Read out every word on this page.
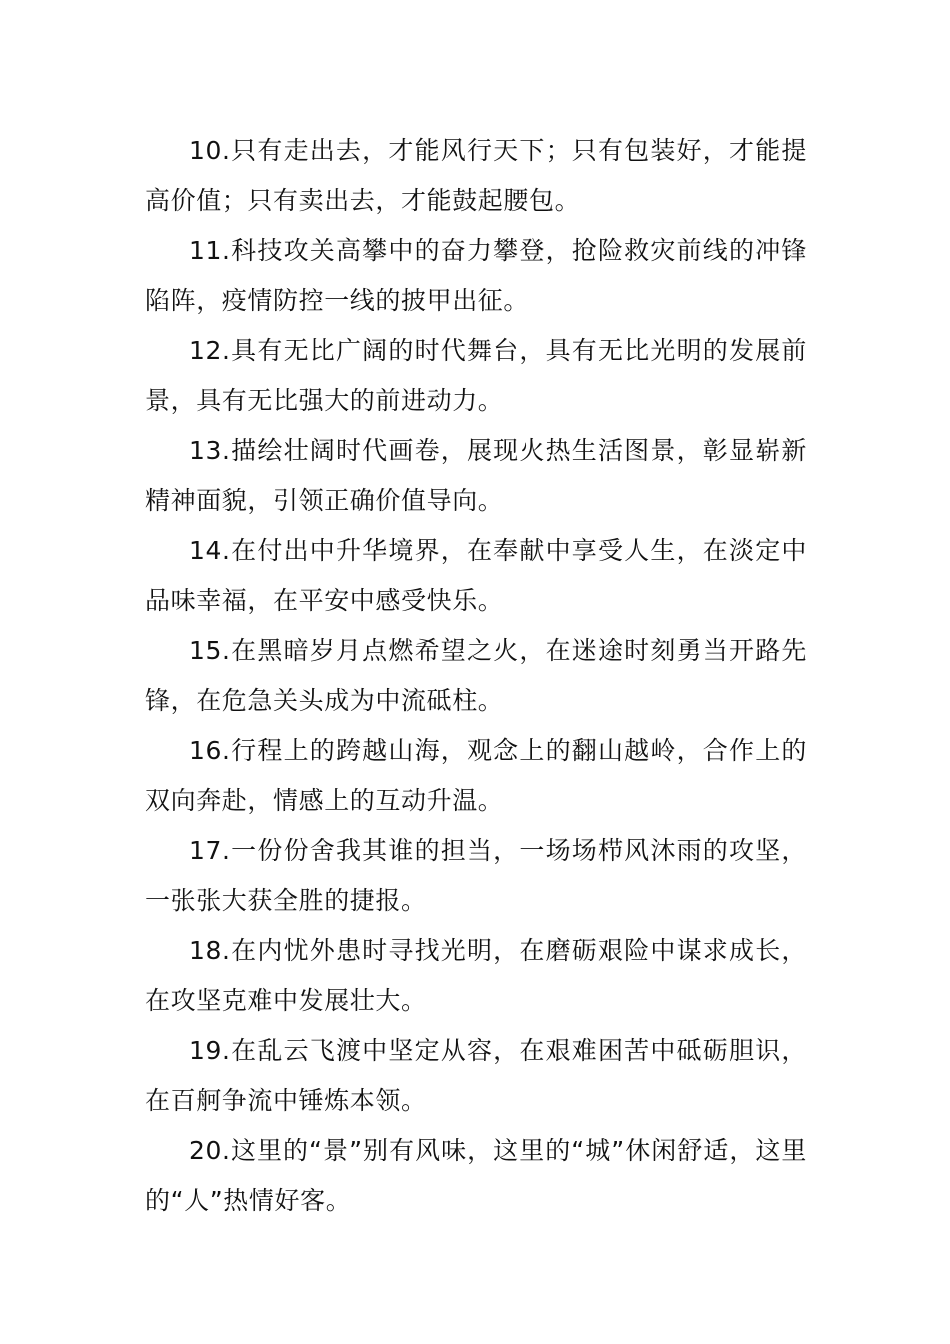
10.只有走出去，才能风行天下；只有包装好，才能提高价值；只有卖出去，才能鼓起腰包。

11.科技攻关高攀中的奋力攀登，抢险救灾前线的冲锋陷阵，疫情防控一线的披甲出征。

12.具有无比广阔的时代舞台，具有无比光明的发展前景，具有无比强大的前进动力。

13.描绘壮阔时代画卷，展现火热生活图景，彰显崭新精神面貌，引领正确价值导向。

14.在付出中升华境界，在奉献中享受人生，在淡定中品味幸福，在平安中感受快乐。

15.在黑暗岁月点燃希望之火，在迷途时刻勇当开路先锋，在危急关头成为中流砥柱。

16.行程上的跨越山海，观念上的翻山越岭，合作上的双向奔赴，情感上的互动升温。

17.一份份舍我其谁的担当，一场场栉风沐雨的攻坚，一张张大获全胜的捷报。

18.在内忧外患时寻找光明，在磨砺艰险中谋求成长，在攻坚克难中发展壮大。

19.在乱云飞渡中坚定从容，在艰难困苦中砥砺胆识，在百舸争流中锤炼本领。

20.这里的“景”别有风味，这里的“城”休闲舒适，这里的“人”热情好客。
